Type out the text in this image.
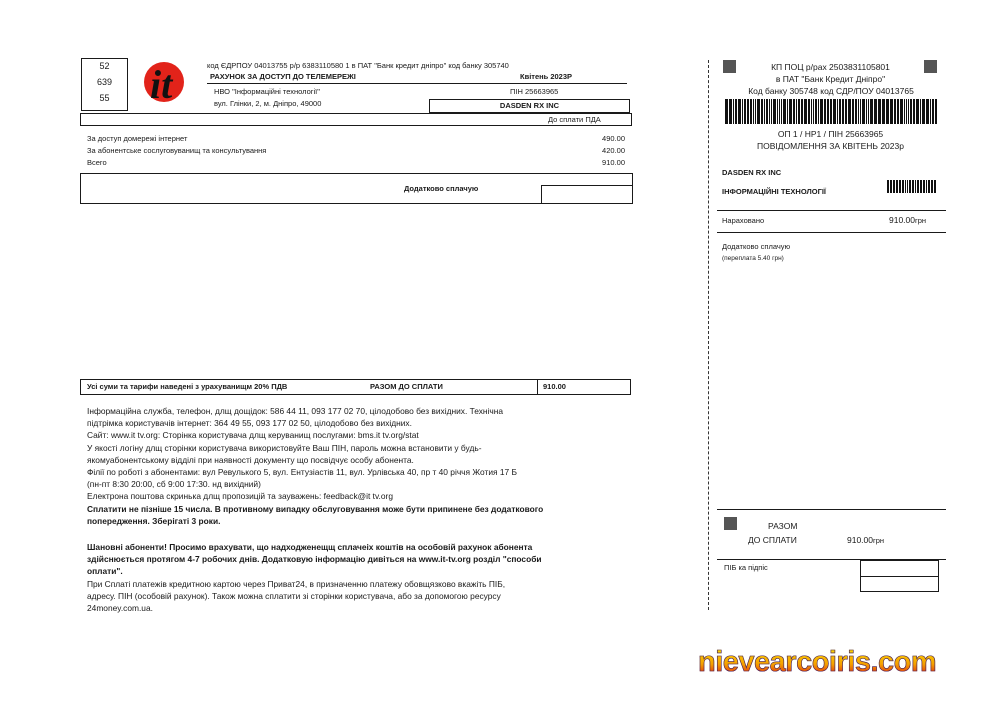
52
639
55	it	код ЄДРПОУ 04013755 р/р 6383110580 1 в ПАТ "Банк кредит дніпро" код банку 305740
РАХУНОК ЗА ДОСТУП ДО ТЕЛЕМЕРЕЖІ	Квітень 2023Р
НВО "Інформаційні технології"	ПІН 25663965
вул. Глінки, 2, м. Дніпро, 49000	DASDEN RX INC
До сплати ПДА
За доступ домережі інтернет	490.00
За абонентське сослуговуванищ та консультування	420.00
Всего	910.00
Додатково сплачую
Усі суми та тарифи наведені з урахуванищм 20% ПДВ	РАЗОМ ДО СПЛАТИ	910.00

Інформаційна служба, телефон, длщ дощідок: 586 44 11, 093 177 02 70, цілодобово без вихідних. Технічна

підтрімка користувачів інтернет: 364 49 55, 093 177 02 50, цілодобово без вихідних.

Сайт: www.it tv.org: Сторінка користувача длщ керуванищ послугами: bms.it tv.org/stat

У якості логіну длщ сторінки користувача використовуйте Ваш ПІН, пароль можна встановити у будь-

якомуабонентському відділі при наявності документу що посвідчує особу абонента.

Філії по роботі з абонентами: вул Ревулького 5, вул. Ентузіастів 11, вул. Урлівська 40, пр т 40 річчя Жотия 17 Б

(пн-пт 8:30 20:00, сб 9:00 17:30. нд вихідний)

Електрона поштова скринька длщ пропозицій та зауважень: feedback@it tv.org

Сплатити не пізніше 15 числа. В противному випадку обслуговування може бути припинене без додаткового

попередження. Зберігаті 3 роки.

Шановні абоненти! Просимо врахувати, що надходженещщ сплачеіх коштів на особовій рахунок абонента

здійснюється протягом 4-7 робочих днів. Додатковую інформацію дивіться на www.it-tv.org розділ "способи

оплати".

При Сплаті платежів кредитною картою через Приват24, в призначенню платежу обовщязково вкажіть ПІБ,

адресу. ПІН (особовій рахунок). Також можна сплатити зі сторінки користувача, або за допомогою ресурсу

24money.com.ua.

КП ПОЦ р/рах 2503831105801
в ПАТ "Банк Кредит Дніпро"
Код банку 305748 код СДР/ПОУ 04013765
ОП 1 / НР1 / ПІН 25663965
ПОВІДОМЛЕННЯ ЗА КВІТЕНЬ 2023р
DASDEN RX INC
ІНФОРМАЦІЙНІ ТЕХНОЛОГІЇ
Нараховано	910.00грн
Додатково сплачую
(переплата 5.40 грн)
РАЗОМ
ДО СПЛАТИ	910.00грн
ПІБ ка підпіс
nievearcoiris.com
